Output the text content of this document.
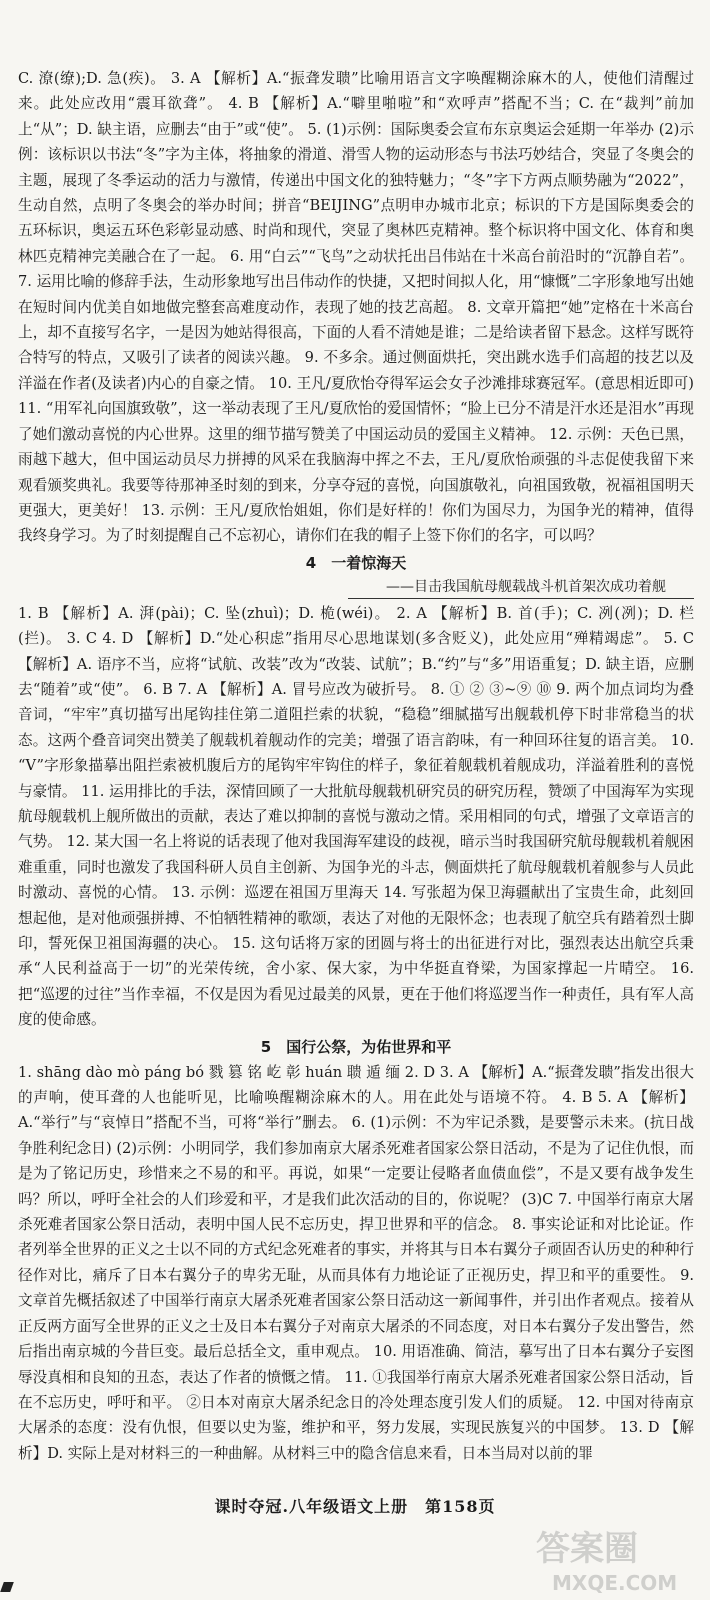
C. 潦(缭);D. 急(疾)。 3. A 【解析】A.“振聋发聩”比喻用语言文字唤醒糊涂麻木的人，使他们清醒过来。此处应改用“震耳欲聋”。 4. B 【解析】A.“噼里啪啦”和“欢呼声”搭配不当；C. 在“裁判”前加上“从”；D. 缺主语，应删去“由于”或“使”。 5. (1)示例：国际奥委会宣布东京奥运会延期一年举办 (2)示例：该标识以书法“冬”字为主体，将抽象的滑道、滑雪人物的运动形态与书法巧妙结合，突显了冬奥会的主题，展现了冬季运动的活力与激情，传递出中国文化的独特魅力；“冬”字下方两点顺势融为“2022”，生动自然，点明了冬奥会的举办时间；拼音“BEIJING”点明申办城市北京；标识的下方是国际奥委会的五环标识，奥运五环色彩彰显动感、时尚和现代，突显了奥林匹克精神。整个标识将中国文化、体育和奥林匹克精神完美融合在了一起。 6. 用“白云”“飞鸟”之动状托出吕伟站在十米高台前沿时的“沉静自若”。 7. 运用比喻的修辞手法，生动形象地写出吕伟动作的快捷，又把时间拟人化，用“慷慨”二字形象地写出她在短时间内优美自如地做完整套高难度动作，表现了她的技艺高超。 8. 文章开篇把“她”定格在十米高台上，却不直接写名字，一是因为她站得很高，下面的人看不清她是谁；二是给读者留下悬念。这样写既符合特写的特点，又吸引了读者的阅读兴趣。 9. 不多余。通过侧面烘托，突出跳水选手们高超的技艺以及洋溢在作者(及读者)内心的自豪之情。 10. 王凡/夏欣怡夺得军运会女子沙滩排球赛冠军。(意思相近即可) 11. “用军礼向国旗致敬”，这一举动表现了王凡/夏欣怡的爱国情怀；“脸上已分不清是汗水还是泪水”再现了她们激动喜悦的内心世界。这里的细节描写赞美了中国运动员的爱国主义精神。 12. 示例：天色已黑，雨越下越大，但中国运动员尽力拼搏的风采在我脑海中挥之不去，王凡/夏欣怡顽强的斗志促使我留下来观看颁奖典礼。我要等待那神圣时刻的到来，分享夺冠的喜悦，向国旗敬礼，向祖国致敬，祝福祖国明天更强大，更美好！ 13. 示例：王凡/夏欣怡姐姐，你们是好样的！你们为国尽力，为国争光的精神，值得我终身学习。为了时刻提醒自己不忘初心，请你们在我的帽子上签下你们的名字，可以吗？

4　一着惊海天
——目击我国航母舰载战斗机首架次成功着舰

1. B 【解析】A. 湃(pài)；C. 坠(zhuì)；D. 桅(wéi)。 2. A 【解析】B. 首(手)；C. 冽(冽)；D. 栏(拦)。 3. C 4. D 【解析】D.“处心积虑”指用尽心思地谋划(多含贬义)，此处应用“殚精竭虑”。 5. C 【解析】A. 语序不当，应将“试航、改装”改为“改装、试航”；B.“约”与“多”用语重复；D. 缺主语，应删去“随着”或“使”。 6. B 7. A 【解析】A. 冒号应改为破折号。 8. ① ② ③~⑨ ⑩ 9. 两个加点词均为叠音词，“牢牢”真切描写出尾钩挂住第二道阻拦索的状貌，“稳稳”细腻描写出舰载机停下时非常稳当的状态。这两个叠音词突出赞美了舰载机着舰动作的完美；增强了语言韵味，有一种回环往复的语言美。 10. “V”字形象描摹出阻拦索被机腹后方的尾钩牢牢钩住的样子，象征着舰载机着舰成功，洋溢着胜利的喜悦与豪情。 11. 运用排比的手法，深情回顾了一大批航母舰载机研究员的研究历程，赞颂了中国海军为实现航母舰载机上舰所做出的贡献，表达了难以抑制的喜悦与激动之情。采用相同的句式，增强了文章语言的气势。 12. 某大国一名上将说的话表现了他对我国海军建设的歧视，暗示当时我国研究航母舰载机着舰困难重重，同时也激发了我国科研人员自主创新、为国争光的斗志，侧面烘托了航母舰载机着舰参与人员此时激动、喜悦的心情。 13. 示例：巡逻在祖国万里海天 14. 写张超为保卫海疆献出了宝贵生命，此刻回想起他，是对他顽强拼搏、不怕牺牲精神的歌颂，表达了对他的无限怀念；也表现了航空兵有踏着烈士脚印，誓死保卫祖国海疆的决心。 15. 这句话将万家的团圆与将士的出征进行对比，强烈表达出航空兵秉承“人民利益高于一切”的光荣传统，舍小家、保大家，为中华挺直脊梁，为国家撑起一片晴空。 16. 把“巡逻的过往”当作幸福，不仅是因为看见过最美的风景，更在于他们将巡逻当作一种责任，具有军人高度的使命感。

5　国行公祭，为佑世界和平

1. shāng dào mò páng bó 戮 篡 铭 屹 彰 huán 聩 遁 缅 2. D 3. A 【解析】A.“振聋发聩”指发出很大的声响，使耳聋的人也能听见，比喻唤醒糊涂麻木的人。用在此处与语境不符。 4. B 5. A 【解析】A.“举行”与“哀悼日”搭配不当，可将“举行”删去。 6. (1)示例：不为牢记杀戮，是要警示未来。(抗日战争胜利纪念日) (2)示例：小明同学，我们参加南京大屠杀死难者国家公祭日活动，不是为了记住仇恨，而是为了铭记历史，珍惜来之不易的和平。再说，如果“一定要让侵略者血债血偿”，不是又要有战争发生吗？所以，呼吁全社会的人们珍爱和平，才是我们此次活动的目的，你说呢？ (3)C 7. 中国举行南京大屠杀死难者国家公祭日活动，表明中国人民不忘历史，捍卫世界和平的信念。 8. 事实论证和对比论证。作者列举全世界的正义之士以不同的方式纪念死难者的事实，并将其与日本右翼分子顽固否认历史的种种行径作对比，痛斥了日本右翼分子的卑劣无耻，从而具体有力地论证了正视历史，捍卫和平的重要性。 9. 文章首先概括叙述了中国举行南京大屠杀死难者国家公祭日活动这一新闻事件，并引出作者观点。接着从正反两方面写全世界的正义之士及日本右翼分子对南京大屠杀的不同态度，对日本右翼分子发出警告，然后指出南京城的今昔巨变。最后总括全文，重申观点。 10. 用语准确、简洁，摹写出了日本右翼分子妄图辱没真相和良知的丑态，表达了作者的愤慨之情。 11. ①我国举行南京大屠杀死难者国家公祭日活动，旨在不忘历史，呼吁和平。 ②日本对南京大屠杀纪念日的冷处理态度引发人们的质疑。 12. 中国对待南京大屠杀的态度：没有仇恨，但要以史为鉴，维护和平，努力发展，实现民族复兴的中国梦。 13. D 【解析】D. 实际上是对材料三的一种曲解。从材料三中的隐含信息来看，日本当局对以前的罪

课时夺冠.八年级语文上册　第158页
答案圈
MXQE.COM
